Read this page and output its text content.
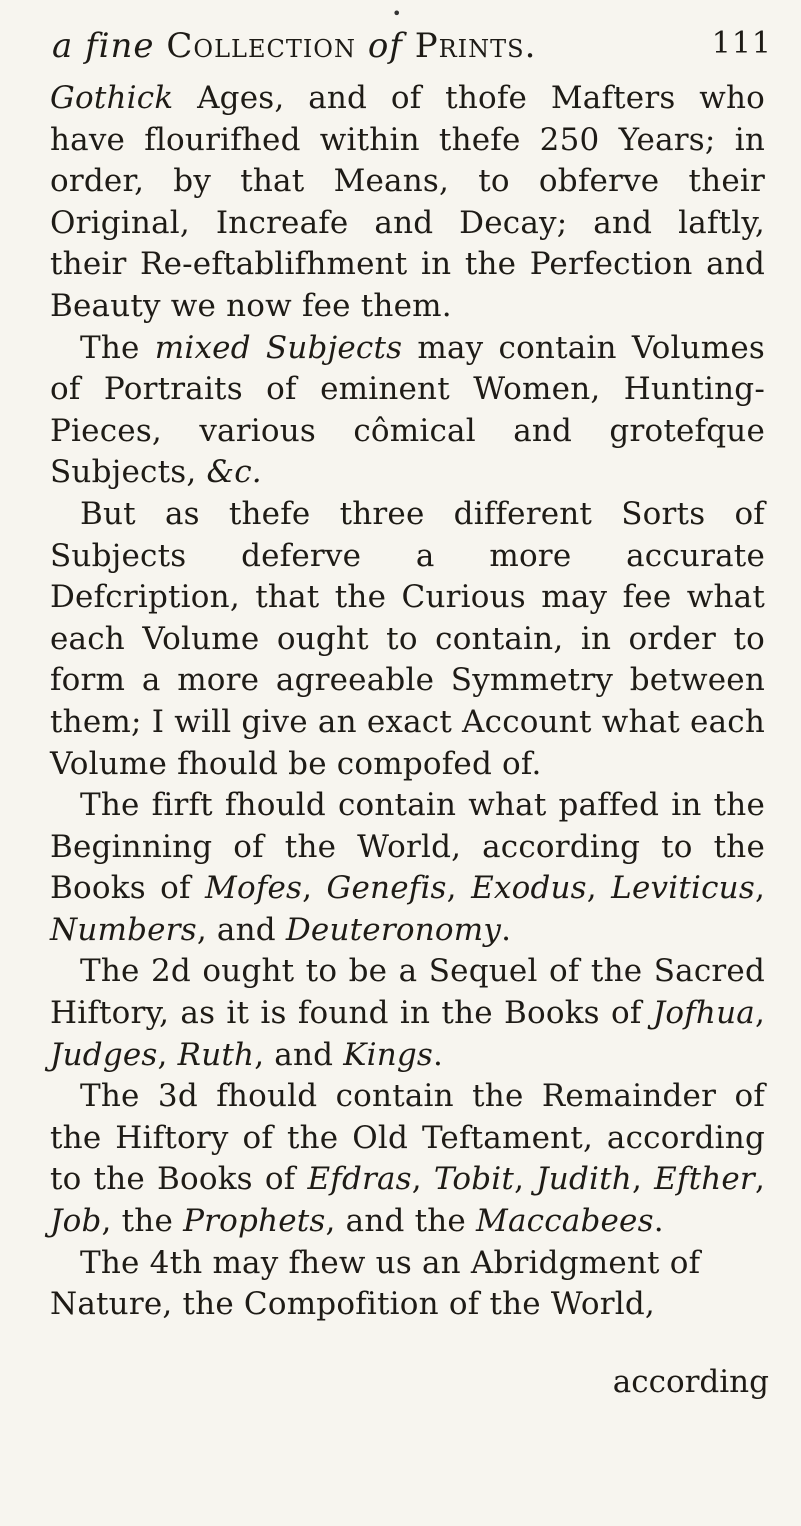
•
a fine Collection of Prints.	111

Gothick Ages, and of thofe Mafters who have flourifhed within thefe 250 Years; in order, by that Means, to obferve their Original, Increafe and Decay; and laftly, their Re-eftablifhment in the Perfection and Beauty we now fee them.

The mixed Subjects may contain Volumes of Portraits of eminent Women, Hunting-Pieces, various cômical and grotefque Subjects, &c.

But as thefe three different Sorts of Subjects deferve a more accurate Defcription, that the Curious may fee what each Volume ought to contain, in order to form a more agreeable Symmetry between them; I will give an exact Account what each Volume fhould be compofed of.

The firft fhould contain what paffed in the Beginning of the World, according to the Books of Mofes, Genefis, Exodus, Leviticus, Numbers, and Deuteronomy.

The 2d ought to be a Sequel of the Sacred Hiftory, as it is found in the Books of Jofhua, Judges, Ruth, and Kings.

The 3d fhould contain the Remainder of the Hiftory of the Old Teftament, according to the Books of Efdras, Tobit, Judith, Efther, Job, the Prophets, and the Maccabees.

The 4th may fhew us an Abridgment of Nature, the Compofition of the World,

according
